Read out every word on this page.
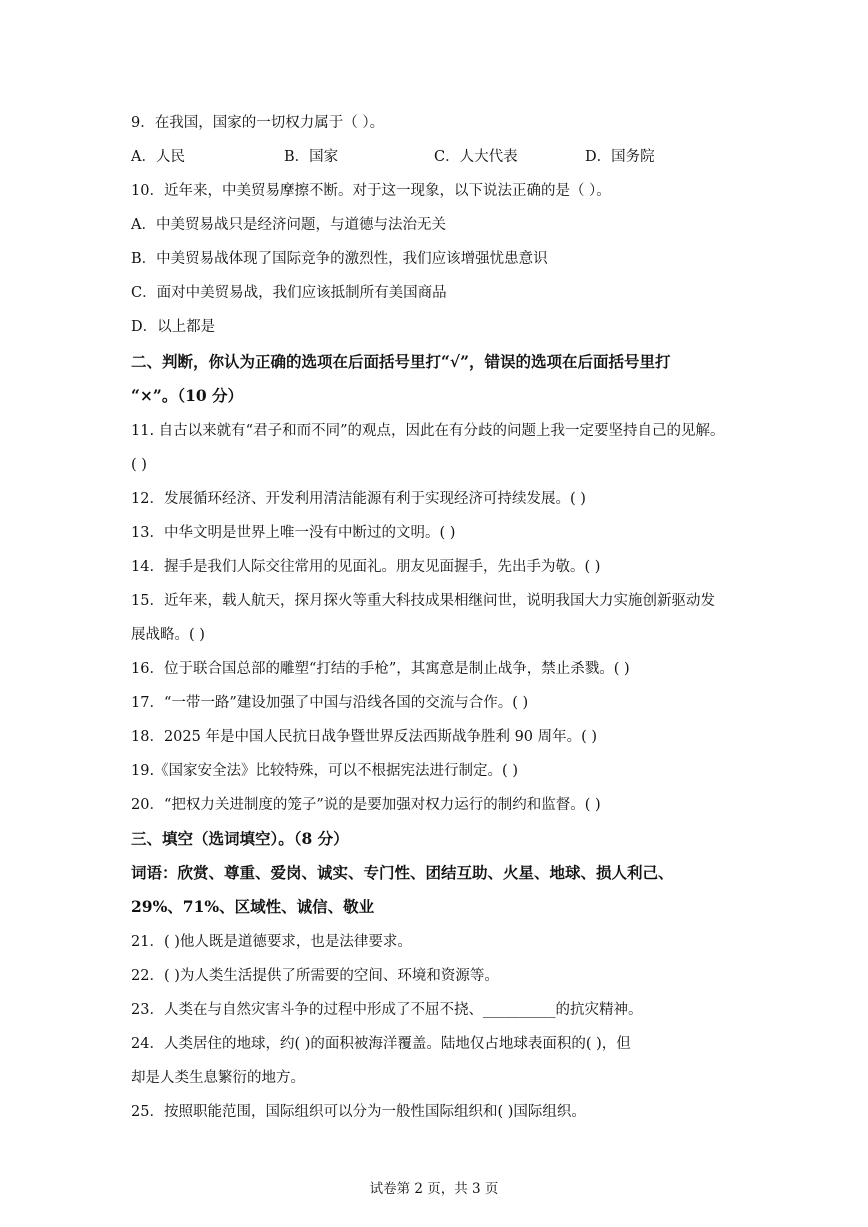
9．在我国，国家的一切权力属于（ ）。
A．人民	B．国家	C．人大代表	D．国务院
10．近年来，中美贸易摩擦不断。对于这一现象，以下说法正确的是（ ）。
A．中美贸易战只是经济问题，与道德与法治无关
B．中美贸易战体现了国际竞争的激烈性，我们应该增强忧患意识
C．面对中美贸易战，我们应该抵制所有美国商品
D．以上都是
二、判断，你认为正确的选项在后面括号里打“√”，错误的选项在后面括号里打
“×”。（10 分）
11. 自古以来就有“君子和而不同”的观点，因此在有分歧的问题上我一定要坚持自己的见解。
( )
12．发展循环经济、开发利用清洁能源有利于实现经济可持续发展。( )
13．中华文明是世界上唯一没有中断过的文明。( )
14．握手是我们人际交往常用的见面礼。朋友见面握手，先出手为敬。( )
15．近年来，载人航天，探月探火等重大科技成果相继问世，说明我国大力实施创新驱动发
展战略。( )
16．位于联合国总部的雕塑“打结的手枪”，其寓意是制止战争，禁止杀戮。( )
17．“一带一路”建设加强了中国与沿线各国的交流与合作。( )
18．2025 年是中国人民抗日战争暨世界反法西斯战争胜利 90 周年。( )
19.《国家安全法》比较特殊，可以不根据宪法进行制定。( )
20．“把权力关进制度的笼子”说的是要加强对权力运行的制约和监督。( )
三、填空（选词填空）。（8 分）
词语：欣赏、尊重、爱岗、诚实、专门性、团结互助、火星、地球、损人利己、
29%、71%、区域性、诚信、敬业
21．( )他人既是道德要求，也是法律要求。
22．( )为人类生活提供了所需要的空间、环境和资源等。
23．人类在与自然灾害斗争的过程中形成了不屈不挠、__________的抗灾精神。
24．人类居住的地球，约( )的面积被海洋覆盖。陆地仅占地球表面积的( )，但
却是人类生息繁衍的地方。
25．按照职能范围，国际组织可以分为一般性国际组织和( )国际组织。
试卷第 2 页，共 3 页
